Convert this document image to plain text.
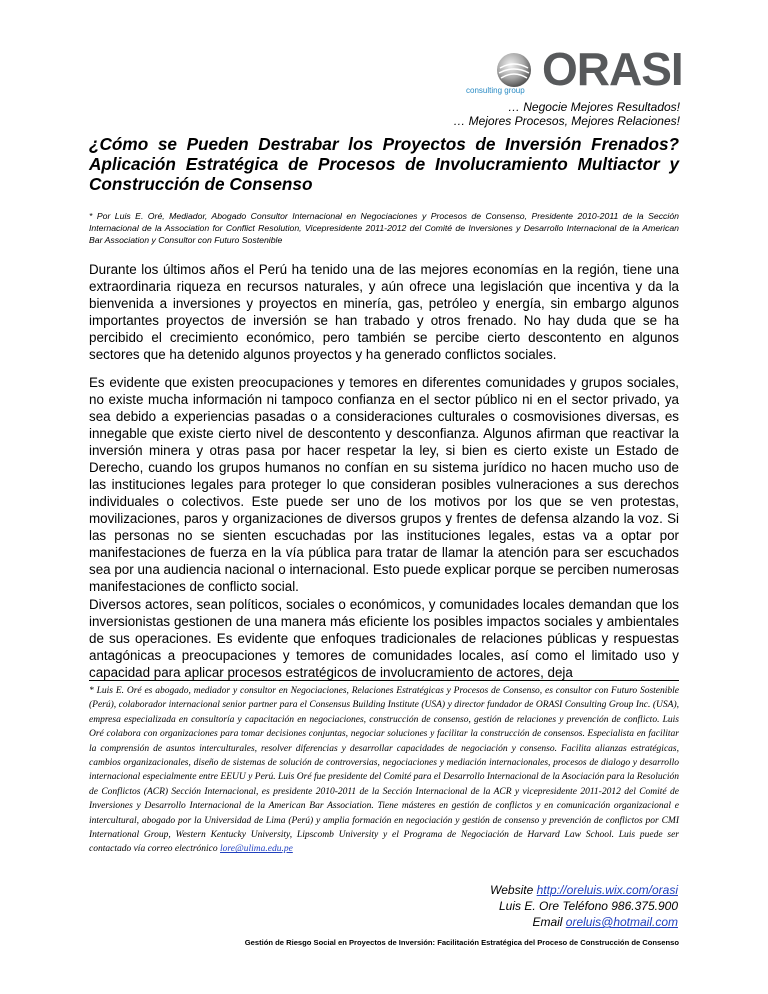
ORASI
consulting group
… Negocie Mejores Resultados!
… Mejores Procesos, Mejores Relaciones!
¿Cómo se Pueden Destrabar los Proyectos de Inversión Frenados? Aplicación Estratégica de Procesos de Involucramiento Multiactor y Construcción de Consenso
* Por Luis E. Oré, Mediador, Abogado Consultor Internacional en Negociaciones y Procesos de Consenso, Presidente 2010-2011 de la Sección Internacional de la Association for Conflict Resolution, Vicepresidente 2011-2012 del Comité de Inversiones y Desarrollo Internacional de la American Bar Association y Consultor con Futuro Sostenible

Durante los últimos años el Perú ha tenido una de las mejores economías en la región, tiene una extraordinaria riqueza en recursos naturales, y aún ofrece una legislación que incentiva y da la bienvenida a inversiones y proyectos en minería, gas, petróleo y energía, sin embargo algunos importantes proyectos de inversión se han trabado y otros frenado. No hay duda que se ha percibido el crecimiento económico, pero también se percibe cierto descontento en algunos sectores que ha detenido algunos proyectos y ha generado conflictos sociales.

Es evidente que existen preocupaciones y temores en diferentes comunidades y grupos sociales, no existe mucha información ni tampoco confianza en el sector público ni en el sector privado, ya sea debido a experiencias pasadas o a consideraciones culturales o cosmovisiones diversas, es innegable que existe cierto nivel de descontento y desconfianza. Algunos afirman que reactivar la inversión minera y otras pasa por hacer respetar la ley, si bien es cierto existe un Estado de Derecho, cuando los grupos humanos no confían en su sistema jurídico no hacen mucho uso de las instituciones legales para proteger lo que consideran posibles vulneraciones a sus derechos individuales o colectivos. Este puede ser uno de los motivos por los que se ven protestas, movilizaciones, paros y organizaciones de diversos grupos y frentes de defensa alzando la voz. Si las personas no se sienten escuchadas por las instituciones legales, estas va a optar por manifestaciones de fuerza en la vía pública para tratar de llamar la atención para ser escuchados sea por una audiencia nacional o internacional. Esto puede explicar porque se perciben numerosas manifestaciones de conflicto social.

Diversos actores, sean políticos, sociales o económicos, y comunidades locales demandan que los inversionistas gestionen de una manera más eficiente los posibles impactos sociales y ambientales de sus operaciones. Es evidente que enfoques tradicionales de relaciones públicas y respuestas antagónicas a preocupaciones y temores de comunidades locales, así como el limitado uso y capacidad para aplicar procesos estratégicos de involucramiento de actores, deja

* Luis E. Oré es abogado, mediador y consultor en Negociaciones, Relaciones Estratégicas y Procesos de Consenso, es consultor con Futuro Sostenible (Perú), colaborador internacional senior partner para el Consensus Building Institute (USA) y director fundador de ORASI Consulting Group Inc. (USA), empresa especializada en consultoría y capacitación en negociaciones, construcción de consenso, gestión de relaciones y prevención de conflicto. Luis Oré colabora con organizaciones para tomar decisiones conjuntas, negociar soluciones y facilitar la construcción de consensos. Especialista en facilitar la comprensión de asuntos interculturales, resolver diferencias y desarrollar capacidades de negociación y consenso. Facilita alianzas estratégicas, cambios organizacionales, diseño de sistemas de solución de controversias, negociaciones y mediación internacionales, procesos de dialogo y desarrollo internacional especialmente entre EEUU y Perú. Luis Oré fue presidente del Comité para el Desarrollo Internacional de la Asociación para la Resolución de Conflictos (ACR) Sección Internacional, es presidente 2010-2011 de la Sección Internacional de la ACR y vicepresidente 2011-2012 del Comité de Inversiones y Desarrollo Internacional de la American Bar Association. Tiene másteres en gestión de conflictos y en comunicación organizacional e intercultural, abogado por la Universidad de Lima (Perú) y amplia formación en negociación y gestión de consenso y prevención de conflictos por CMI International Group, Western Kentucky University, Lipscomb University y el Programa de Negociación de Harvard Law School. Luis puede ser contactado vía correo electrónico lore@ulima.edu.pe
Website http://oreluis.wix.com/orasi
Luis E. Ore Teléfono 986.375.900
Email oreluis@hotmail.com
Gestión de Riesgo Social en Proyectos de Inversión: Facilitación Estratégica del Proceso de Construcción de Consenso
